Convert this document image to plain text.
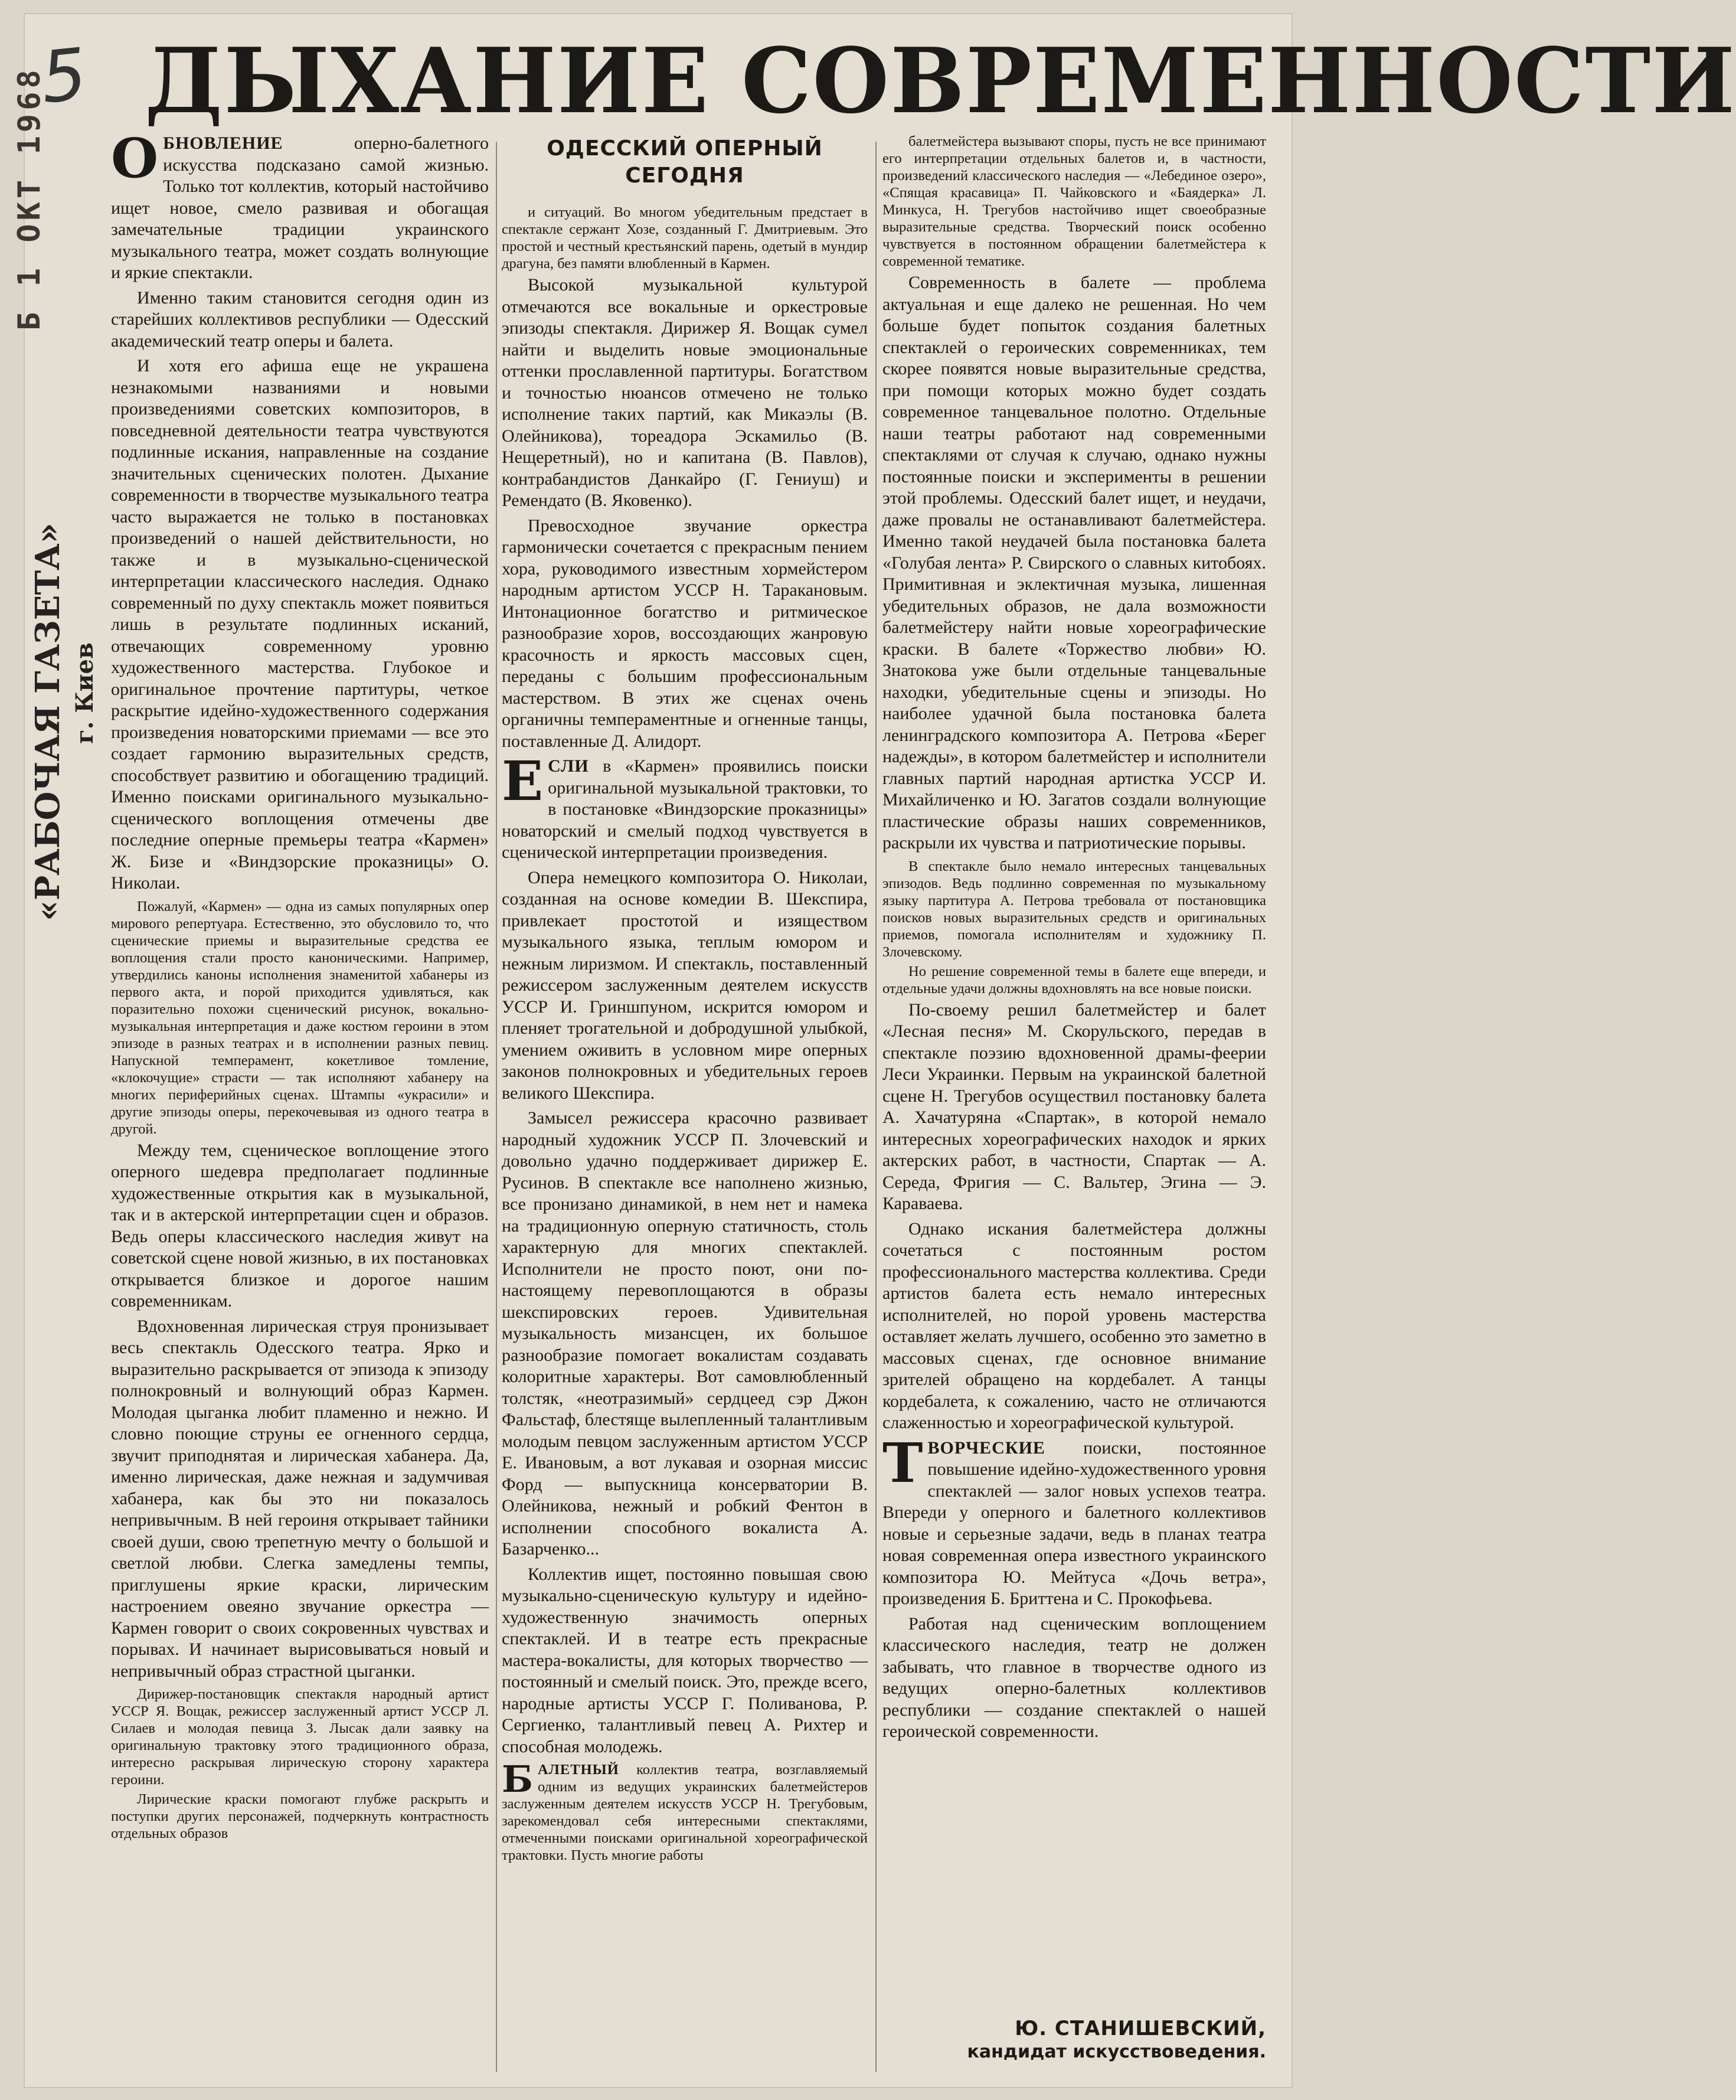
5 ДЫХАНИЕ СОВРЕМЕННОСТИ
Б 1 ОКТ 1968
«РАБОЧАЯ ГАЗЕТА» г. Киев

ОБНОВЛЕНИЕ оперно-балетного искусства подсказано самой жизнью. Только тот коллектив, который настойчиво ищет новое, смело развивая и обогащая замечательные традиции украинского музыкального театра, может создать волнующие и яркие спектакли.

Именно таким становится сегодня один из старейших коллективов республики — Одесский академический театр оперы и балета.

И хотя его афиша еще не украшена незнакомыми названиями и новыми произведениями советских композиторов, в повседневной деятельности театра чувствуются подлинные искания, направленные на создание значительных сценических полотен. Дыхание современности в творчестве музыкального театра часто выражается не только в постановках произведений о нашей действительности, но также и в музыкально-сценической интерпретации классического наследия. Однако современный по духу спектакль может появиться лишь в результате подлинных исканий, отвечающих современному уровню художественного мастерства. Глубокое и оригинальное прочтение партитуры, четкое раскрытие идейно-художественного содержания произведения новаторскими приемами — все это создает гармонию выразительных средств, способствует развитию и обогащению традиций. Именно поисками оригинального музыкально-сценического воплощения отмечены две последние оперные премьеры театра «Кармен» Ж. Бизе и «Виндзорские проказницы» О. Николаи.

Пожалуй, «Кармен» — одна из самых популярных опер мирового репертуара. Естественно, это обусловило то, что сценические приемы и выразительные средства ее воплощения стали просто каноническими. Например, утвердились каноны исполнения знаменитой хабанеры из первого акта, и порой приходится удивляться, как поразительно похожи сценический рисунок, вокально-музыкальная интерпретация и даже костюм героини в этом эпизоде в разных театрах и в исполнении разных певиц. Напускной темперамент, кокетливое томление, «клокочущие» страсти — так исполняют хабанеру на многих периферийных сценах. Штампы «украсили» и другие эпизоды оперы, перекочевывая из одного театра в другой.

Между тем, сценическое воплощение этого оперного шедевра предполагает подлинные художественные открытия как в музыкальной, так и в актерской интерпретации сцен и образов. Ведь оперы классического наследия живут на советской сцене новой жизнью, в их постановках открывается близкое и дорогое нашим современникам.

Вдохновенная лирическая струя пронизывает весь спектакль Одесского театра. Ярко и выразительно раскрывается от эпизода к эпизоду полнокровный и волнующий образ Кармен. Молодая цыганка любит пламенно и нежно. И словно поющие струны ее огненного сердца, звучит приподнятая и лирическая хабанера. Да, именно лирическая, даже нежная и задумчивая хабанера, как бы это ни показалось непривычным. В ней героиня открывает тайники своей души, свою трепетную мечту о большой и светлой любви. Слегка замедлены темпы, приглушены яркие краски, лирическим настроением овеяно звучание оркестра — Кармен говорит о своих сокровенных чувствах и порывах. И начинает вырисовываться новый и непривычный образ страстной цыганки.

Дирижер-постановщик спектакля народный артист УССР Я. Вощак, режиссер заслуженный артист УССР Л. Силаев и молодая певица З. Лысак дали заявку на оригинальную трактовку этого традиционного образа, интересно раскрывая лирическую сторону характера героини.

Лирические краски помогают глубже раскрыть и поступки других персонажей, подчеркнуть контрастность отдельных образов

ОДЕССКИЙ ОПЕРНЫЙ СЕГОДНЯ

и ситуаций. Во многом убедительным предстает в спектакле сержант Хозе, созданный Г. Дмитриевым. Это простой и честный крестьянский парень, одетый в мундир драгуна, без памяти влюбленный в Кармен.

Высокой музыкальной культурой отмечаются все вокальные и оркестровые эпизоды спектакля. Дирижер Я. Вощак сумел найти и выделить новые эмоциональные оттенки прославленной партитуры. Богатством и точностью нюансов отмечено не только исполнение таких партий, как Микаэлы (В. Олейникова), тореадора Эскамильо (В. Нещеретный), но и капитана (В. Павлов), контрабандистов Данкайро (Г. Гениуш) и Ремендато (В. Яковенко).

Превосходное звучание оркестра гармонически сочетается с прекрасным пением хора, руководимого известным хормейстером народным артистом УССР Н. Таракановым. Интонационное богатство и ритмическое разнообразие хоров, воссоздающих жанровую красочность и яркость массовых сцен, переданы с большим профессиональным мастерством. В этих же сценах очень органичны темпераментные и огненные танцы, поставленные Д. Алидорт.

ЕСЛИ в «Кармен» проявились поиски оригинальной музыкальной трактовки, то в постановке «Виндзорские проказницы» новаторский и смелый подход чувствуется в сценической интерпретации произведения.

Опера немецкого композитора О. Николаи, созданная на основе комедии В. Шекспира, привлекает простотой и изяществом музыкального языка, теплым юмором и нежным лиризмом. И спектакль, поставленный режиссером заслуженным деятелем искусств УССР И. Гриншпуном, искрится юмором и пленяет трогательной и добродушной улыбкой, умением оживить в условном мире оперных законов полнокровных и убедительных героев великого Шекспира.

Замысел режиссера красочно развивает народный художник УССР П. Злочевский и довольно удачно поддерживает дирижер Е. Русинов. В спектакле все наполнено жизнью, все пронизано динамикой, в нем нет и намека на традиционную оперную статичность, столь характерную для многих спектаклей. Исполнители не просто поют, они по-настоящему перевоплощаются в образы шекспировских героев. Удивительная музыкальность мизансцен, их большое разнообразие помогает вокалистам создавать колоритные характеры. Вот самовлюбленный толстяк, «неотразимый» сердцеед сэр Джон Фальстаф, блестяще вылепленный талантливым молодым певцом заслуженным артистом УССР Е. Ивановым, а вот лукавая и озорная миссис Форд — выпускница консерватории В. Олейникова, нежный и робкий Фентон в исполнении способного вокалиста А. Базарченко...

Коллектив ищет, постоянно повышая свою музыкально-сценическую культуру и идейно-художественную значимость оперных спектаклей. И в театре есть прекрасные мастера-вокалисты, для которых творчество — постоянный и смелый поиск. Это, прежде всего, народные артисты УССР Г. Поливанова, Р. Сергиенко, талантливый певец А. Рихтер и способная молодежь.

БАЛЕТНЫЙ коллектив театра, возглавляемый одним из ведущих украинских балетмейстеров заслуженным деятелем искусств УССР Н. Трегубовым, зарекомендовал себя интересными спектаклями, отмеченными поисками оригинальной хореографической трактовки. Пусть многие работы

балетмейстера вызывают споры, пусть не все принимают его интерпретации отдельных балетов и, в частности, произведений классического наследия — «Лебединое озеро», «Спящая красавица» П. Чайковского и «Баядерка» Л. Минкуса, Н. Трегубов настойчиво ищет своеобразные выразительные средства. Творческий поиск особенно чувствуется в постоянном обращении балетмейстера к современной тематике.

Современность в балете — проблема актуальная и еще далеко не решенная. Но чем больше будет попыток создания балетных спектаклей о героических современниках, тем скорее появятся новые выразительные средства, при помощи которых можно будет создать современное танцевальное полотно. Отдельные наши театры работают над современными спектаклями от случая к случаю, однако нужны постоянные поиски и эксперименты в решении этой проблемы. Одесский балет ищет, и неудачи, даже провалы не останавливают балетмейстера. Именно такой неудачей была постановка балета «Голубая лента» Р. Свирского о славных китобоях. Примитивная и эклектичная музыка, лишенная убедительных образов, не дала возможности балетмейстеру найти новые хореографические краски. В балете «Торжество любви» Ю. Знатокова уже были отдельные танцевальные находки, убедительные сцены и эпизоды. Но наиболее удачной была постановка балета ленинградского композитора А. Петрова «Берег надежды», в котором балетмейстер и исполнители главных партий народная артистка УССР И. Михайличенко и Ю. Загатов создали волнующие пластические образы наших современников, раскрыли их чувства и патриотические порывы.

В спектакле было немало интересных танцевальных эпизодов. Ведь подлинно современная по музыкальному языку партитура А. Петрова требовала от постановщика поисков новых выразительных средств и оригинальных приемов, помогала исполнителям и художнику П. Злочевскому.

Но решение современной темы в балете еще впереди, и отдельные удачи должны вдохновлять на все новые поиски.

По-своему решил балетмейстер и балет «Лесная песня» М. Скорульского, передав в спектакле поэзию вдохновенной драмы-феерии Леси Украинки. Первым на украинской балетной сцене Н. Трегубов осуществил постановку балета А. Хачатуряна «Спартак», в которой немало интересных хореографических находок и ярких актерских работ, в частности, Спартак — А. Середа, Фригия — С. Вальтер, Эгина — Э. Караваева.

Однако искания балетмейстера должны сочетаться с постоянным ростом профессионального мастерства коллектива. Среди артистов балета есть немало интересных исполнителей, но порой уровень мастерства оставляет желать лучшего, особенно это заметно в массовых сценах, где основное внимание зрителей обращено на кордебалет. А танцы кордебалета, к сожалению, часто не отличаются слаженностью и хореографической культурой.

ТВОРЧЕСКИЕ поиски, постоянное повышение идейно-художественного уровня спектаклей — залог новых успехов театра. Впереди у оперного и балетного коллективов новые и серьезные задачи, ведь в планах театра новая современная опера известного украинского композитора Ю. Мейтуса «Дочь ветра», произведения Б. Бриттена и С. Прокофьева.

Работая над сценическим воплощением классического наследия, театр не должен забывать, что главное в творчестве одного из ведущих оперно-балетных коллективов республики — создание спектаклей о нашей героической современности.

Ю. СТАНИШЕВСКИЙ,
кандидат искусствоведения.
